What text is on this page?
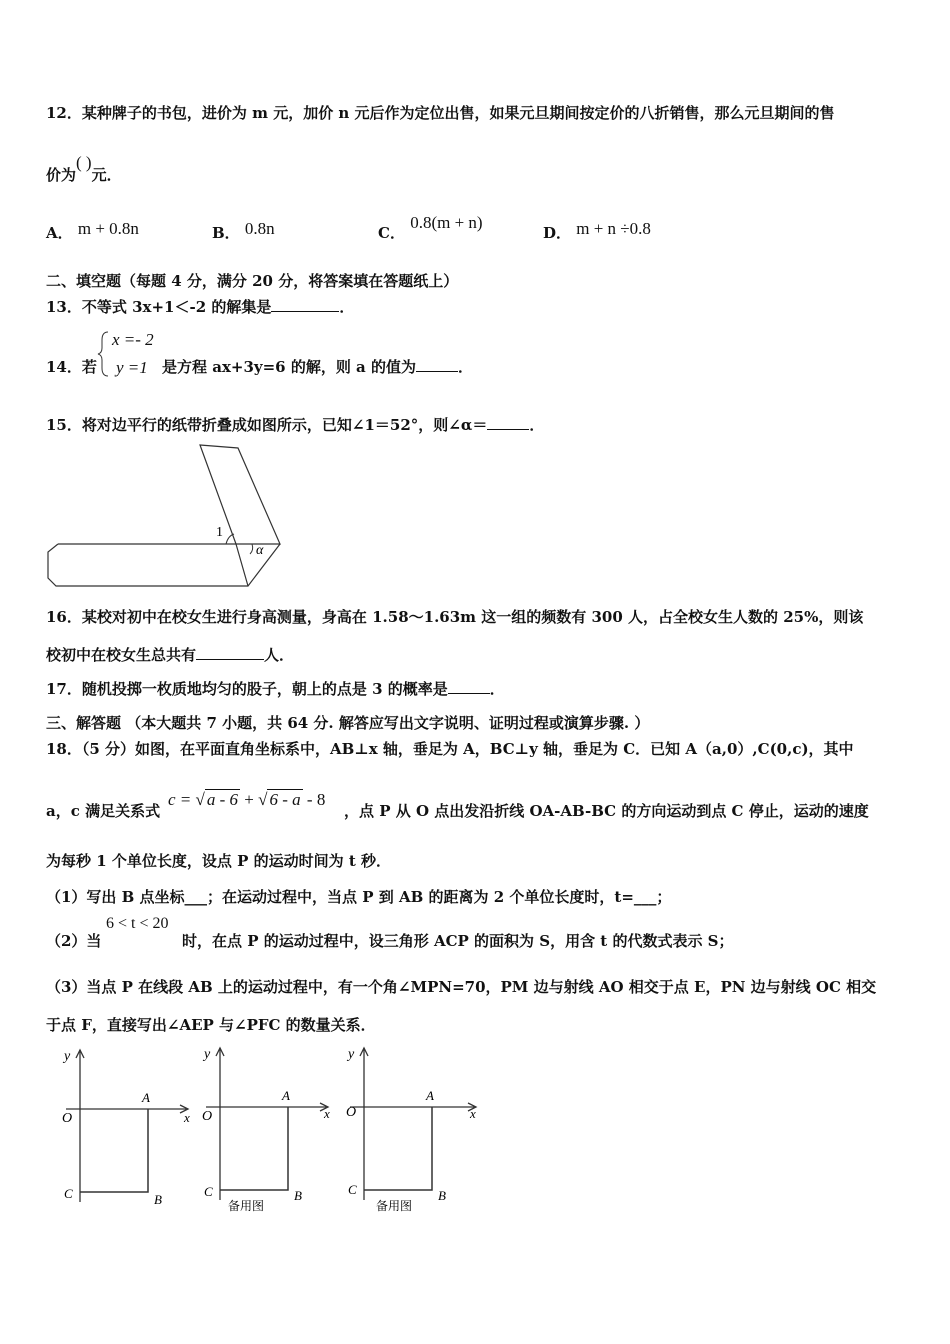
12．某种牌子的书包，进价为 m 元，加价 n 元后作为定位出售，如果元旦期间按定价的八折销售，那么元旦期间的售
价为( )元．
A． m + 0.8n	B． 0.8n	C． 0.8(m + n)
D． m + n ÷0.8
二、填空题（每题 4 分，满分 20 分，将答案填在答题纸上）
13．不等式 3x+1＜-2 的解集是	．
14．若
x =- 2
y =1 是方程 ax+3y=6 的解，则 a 的值为	．
15．将对边平行的纸带折叠成如图所示，已知∠1＝52°，则∠α＝	．
1
α
16．某校对初中在校女生进行身高测量，身高在 1.58～1.63m 这一组的频数有 300 人，占全校女生人数的 25%，则该
校初中在校女生总共有	人．
17．随机投掷一枚质地均匀的股子，朝上的点是 3 的概率是	．
三、解答题 （本大题共 7 小题，共 64 分. 解答应写出文字说明、证明过程或演算步骤. ）
18．（5 分）如图，在平面直角坐标系中，AB⊥x 轴，垂足为 A，BC⊥y 轴，垂足为 C．已知 A（a,0）,C(0,c)，其中
a，c 满足关系式
c = √ a - 6 + √ 6 - a - 8
，点 P 从 O 点出发沿折线 OA-AB-BC 的方向运动到点 C 停止，运动的速度
为每秒 1 个单位长度，设点 P 的运动时间为 t 秒．
（1）写出 B 点坐标___；在运动过程中，当点 P 到 AB 的距离为 2 个单位长度时，t=___；
（2）当
6 < t < 20
时，在点 P 的运动过程中，设三角形 ACP 的面积为 S，用含 t 的代数式表示 S；
（3）当点 P 在线段 AB 上的运动过程中，有一个角∠MPN=70，PM 边与射线 AO 相交于点 E，PN 边与射线 OC 相交
于点 F，直接写出∠AEP 与∠PFC 的数量关系．
y
x
O
A
C	B
y
x
O
A
C	B
备用图
y
x
O
A
C	B
备用图
